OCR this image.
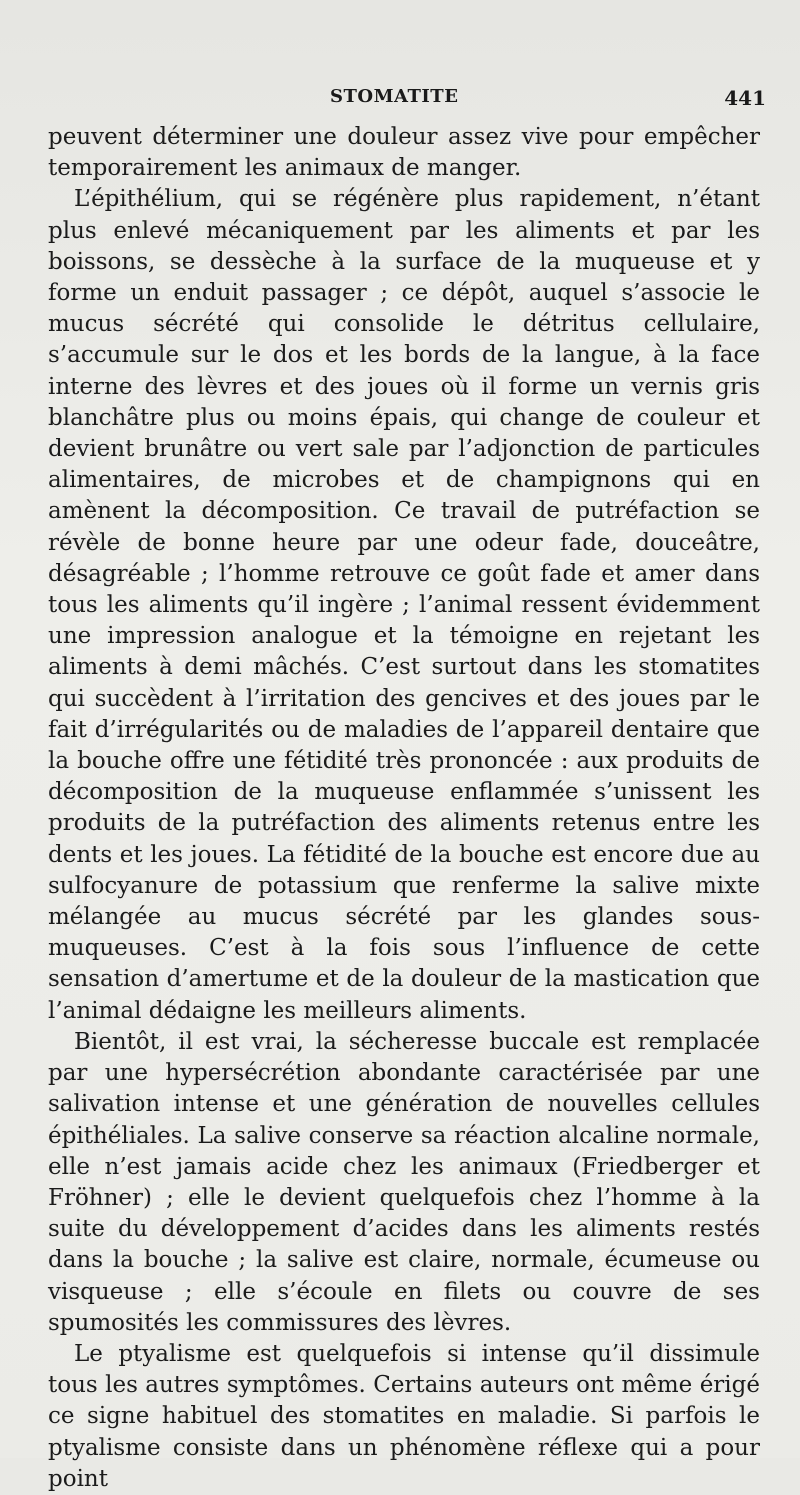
STOMATITE	441

peuvent déterminer une douleur assez vive pour empêcher temporairement les animaux de manger.

L’épithélium, qui se régénère plus rapidement, n’étant plus enlevé mécaniquement par les aliments et par les boissons, se dessèche à la surface de la muqueuse et y forme un enduit passager ; ce dépôt, auquel s’associe le mucus sécrété qui consolide le détritus cellulaire, s’accumule sur le dos et les bords de la langue, à la face interne des lèvres et des joues où il forme un vernis gris blanchâtre plus ou moins épais, qui change de couleur et devient brunâtre ou vert sale par l’adjonction de particules alimentaires, de microbes et de champignons qui en amènent la décomposition. Ce travail de putréfaction se révèle de bonne heure par une odeur fade, douceâtre, désagréable ; l’homme retrouve ce goût fade et amer dans tous les aliments qu’il ingère ; l’animal ressent évidemment une impression analogue et la témoigne en rejetant les aliments à demi mâchés. C’est surtout dans les stomatites qui succèdent à l’irritation des gencives et des joues par le fait d’irrégularités ou de maladies de l’appareil dentaire que la bouche offre une fétidité très prononcée : aux produits de décomposition de la muqueuse enflammée s’unissent les produits de la putréfaction des aliments retenus entre les dents et les joues. La fétidité de la bouche est encore due au sulfocyanure de potassium que renferme la salive mixte mélangée au mucus sécrété par les glandes sous-muqueuses. C’est à la fois sous l’influence de cette sensation d’amertume et de la douleur de la mastication que l’animal dédaigne les meilleurs aliments.

Bientôt, il est vrai, la sécheresse buccale est remplacée par une hypersécrétion abondante caractérisée par une salivation intense et une génération de nouvelles cellules épithéliales. La salive conserve sa réaction alcaline normale, elle n’est jamais acide chez les animaux (Friedberger et Fröhner) ; elle le devient quelquefois chez l’homme à la suite du développement d’acides dans les aliments restés dans la bouche ; la salive est claire, normale, écumeuse ou visqueuse ; elle s’écoule en filets ou couvre de ses spumosités les commissures des lèvres.

Le ptyalisme est quelquefois si intense qu’il dissimule tous les autres symptômes. Certains auteurs ont même érigé ce signe habituel des stomatites en maladie. Si parfois le ptyalisme consiste dans un phénomène réflexe qui a pour point
